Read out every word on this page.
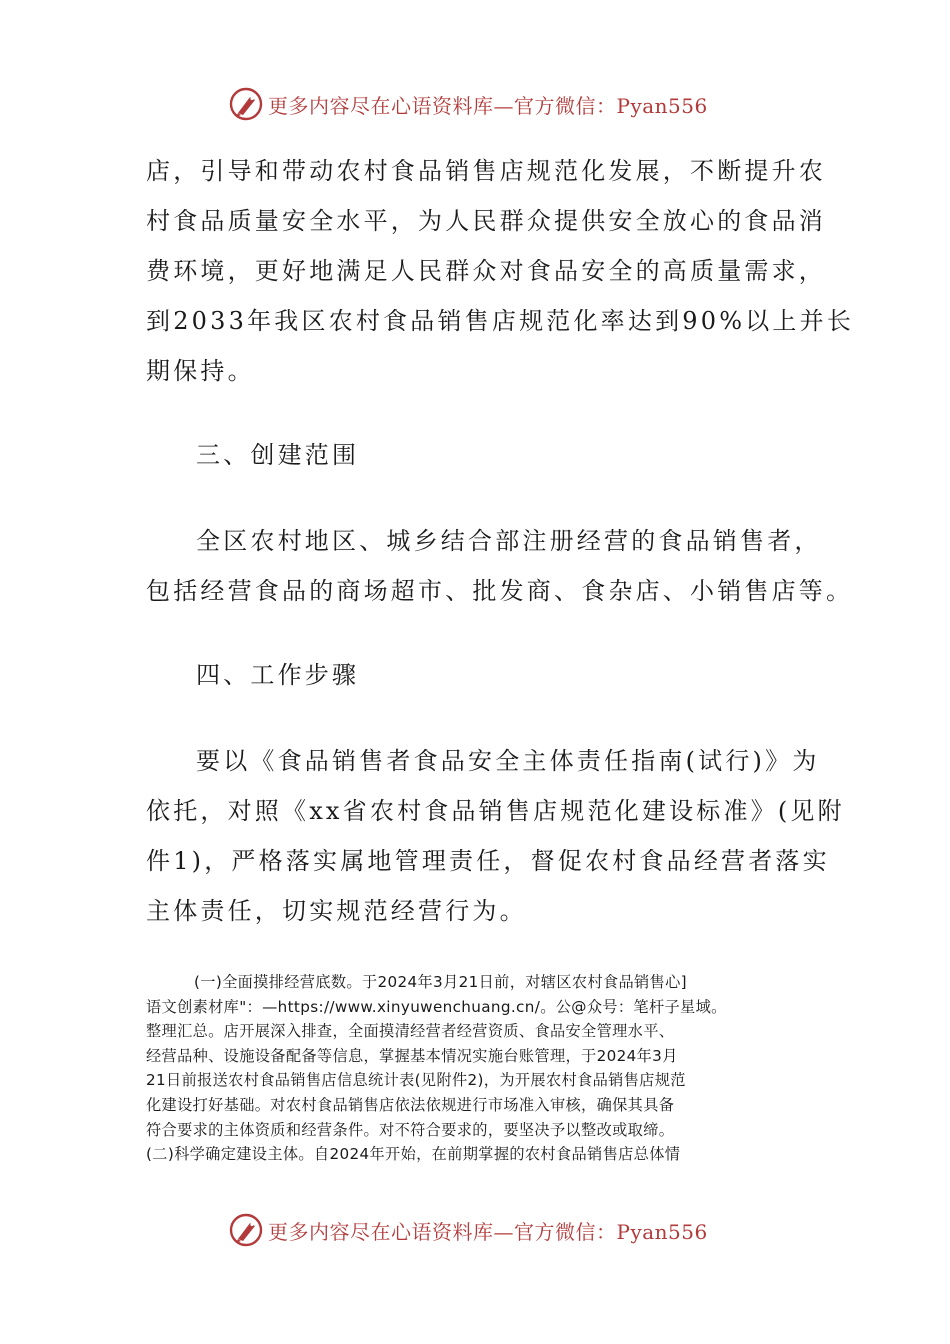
更多内容尽在心语资料库—官方微信：Pyan556
店，引导和带动农村食品销售店规范化发展，不断提升农
村食品质量安全水平，为人民群众提供安全放心的食品消
费环境，更好地满足人民群众对食品安全的高质量需求，
到2033年我区农村食品销售店规范化率达到90%以上并长
期保持。
三、创建范围
全区农村地区、城乡结合部注册经营的食品销售者，
包括经营食品的商场超市、批发商、食杂店、小销售店等。
四、工作步骤
要以《食品销售者食品安全主体责任指南(试行)》为
依托，对照《xx省农村食品销售店规范化建设标准》(见附
件1)，严格落实属地管理责任，督促农村食品经营者落实
主体责任，切实规范经营行为。
(一)全面摸排经营底数。于2024年3月21日前，对辖区农村食品销售心]
语文创素材库"：—https://www.xinyuwenchuang.cn/。公@众号：笔杆子星域。
整理汇总。店开展深入排查，全面摸清经营者经营资质、食品安全管理水平、
经营品种、设施设备配备等信息，掌握基本情况实施台账管理，于2024年3月
21日前报送农村食品销售店信息统计表(见附件2)，为开展农村食品销售店规范
化建设打好基础。对农村食品销售店依法依规进行市场准入审核，确保其具备
符合要求的主体资质和经营条件。对不符合要求的，要坚决予以整改或取缔。
(二)科学确定建设主体。自2024年开始，在前期掌握的农村食品销售店总体情
更多内容尽在心语资料库—官方微信：Pyan556
